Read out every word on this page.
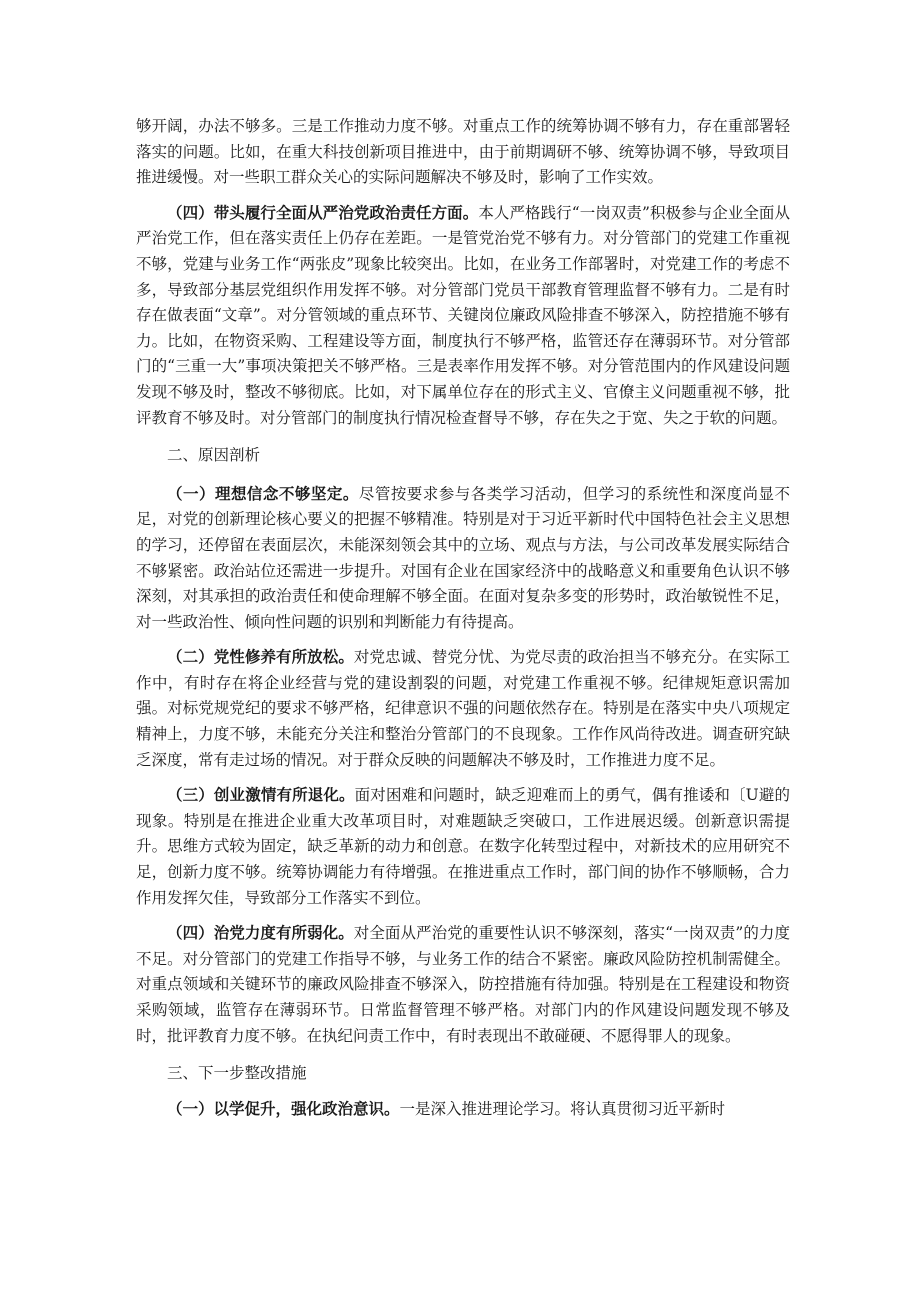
够开阔，办法不够多。三是工作推动力度不够。对重点工作的统筹协调不够有力，存在重部署轻落实的问题。比如，在重大科技创新项目推进中，由于前期调研不够、统筹协调不够，导致项目推进缓慢。对一些职工群众关心的实际问题解决不够及时，影响了工作实效。

（四）带头履行全面从严治党政治责任方面。本人严格践行“一岗双责”积极参与企业全面从严治党工作，但在落实责任上仍存在差距。一是管党治党不够有力。对分管部门的党建工作重视不够，党建与业务工作“两张皮”现象比较突出。比如，在业务工作部署时，对党建工作的考虑不多，导致部分基层党组织作用发挥不够。对分管部门党员干部教育管理监督不够有力。二是有时存在做表面“文章”。对分管领域的重点环节、关键岗位廉政风险排查不够深入，防控措施不够有力。比如，在物资采购、工程建设等方面，制度执行不够严格，监管还存在薄弱环节。对分管部门的“三重一大”事项决策把关不够严格。三是表率作用发挥不够。对分管范围内的作风建设问题发现不够及时，整改不够彻底。比如，对下属单位存在的形式主义、官僚主义问题重视不够，批评教育不够及时。对分管部门的制度执行情况检查督导不够，存在失之于宽、失之于软的问题。

二、原因剖析

（一）理想信念不够坚定。尽管按要求参与各类学习活动，但学习的系统性和深度尚显不足，对党的创新理论核心要义的把握不够精准。特别是对于习近平新时代中国特色社会主义思想的学习，还停留在表面层次，未能深刻领会其中的立场、观点与方法，与公司改革发展实际结合不够紧密。政治站位还需进一步提升。对国有企业在国家经济中的战略意义和重要角色认识不够深刻，对其承担的政治责任和使命理解不够全面。在面对复杂多变的形势时，政治敏锐性不足，对一些政治性、倾向性问题的识别和判断能力有待提高。

（二）党性修养有所放松。对党忠诚、替党分忧、为党尽责的政治担当不够充分。在实际工作中，有时存在将企业经营与党的建设割裂的问题，对党建工作重视不够。纪律规矩意识需加强。对标党规党纪的要求不够严格，纪律意识不强的问题依然存在。特别是在落实中央八项规定精神上，力度不够，未能充分关注和整治分管部门的不良现象。工作作风尚待改进。调查研究缺乏深度，常有走过场的情况。对于群众反映的问题解决不够及时，工作推进力度不足。

（三）创业激情有所退化。面对困难和问题时，缺乏迎难而上的勇气，偶有推诿和〔U避的现象。特别是在推进企业重大改革项目时，对难题缺乏突破口，工作进展迟缓。创新意识需提升。思维方式较为固定，缺乏革新的动力和创意。在数字化转型过程中，对新技术的应用研究不足，创新力度不够。统筹协调能力有待增强。在推进重点工作时，部门间的协作不够顺畅，合力作用发挥欠佳，导致部分工作落实不到位。

（四）治党力度有所弱化。对全面从严治党的重要性认识不够深刻，落实“一岗双责”的力度不足。对分管部门的党建工作指导不够，与业务工作的结合不紧密。廉政风险防控机制需健全。对重点领域和关键环节的廉政风险排查不够深入，防控措施有待加强。特别是在工程建设和物资采购领域，监管存在薄弱环节。日常监督管理不够严格。对部门内的作风建设问题发现不够及时，批评教育力度不够。在执纪问责工作中，有时表现出不敢碰硬、不愿得罪人的现象。

三、下一步整改措施

（一）以学促升，强化政治意识。一是深入推进理论学习。将认真贯彻习近平新时
